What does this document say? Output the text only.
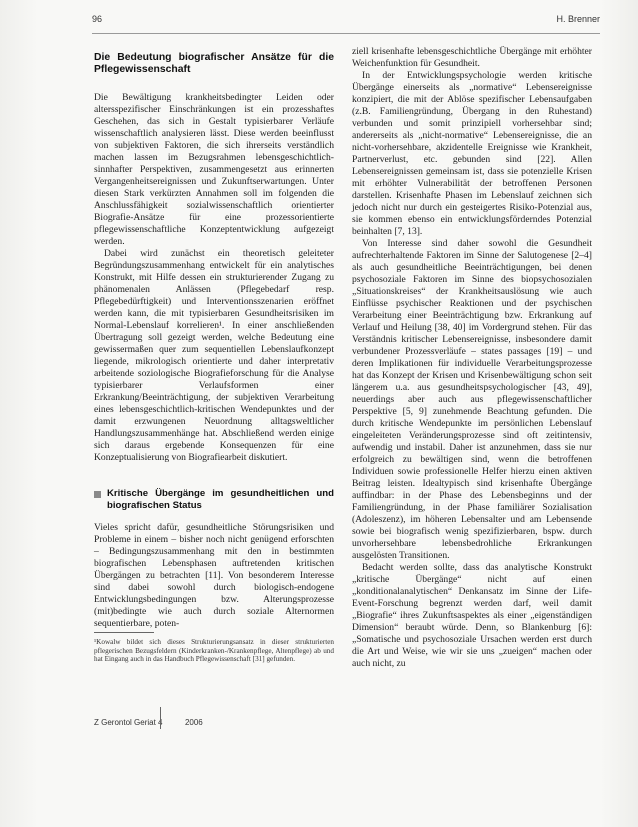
96	H. Brenner
Die Bedeutung biografischer Ansätze für die Pflegewissenschaft

Die Bewältigung krankheitsbedingter Leiden oder altersspezifischer Einschränkungen ist ein prozesshaftes Geschehen, das sich in Gestalt typisierbarer Verläufe wissenschaftlich analysieren lässt. Diese werden beeinflusst von subjektiven Faktoren, die sich ihrerseits verständlich machen lassen im Bezugsrahmen lebensgeschichtlich-sinnhafter Perspektiven, zusammengesetzt aus erinnerten Vergangenheitsereignissen und Zukunftserwartungen. Unter diesen Stark verkürzten Annahmen soll im folgenden die Anschlussfähigkeit sozialwissenschaftlich orientierter Biografie-Ansätze für eine prozessorientierte pflegewissenschaftliche Konzeptentwicklung aufgezeigt werden.

Dabei wird zunächst ein theoretisch geleiteter Begründungszusammenhang entwickelt für ein analytisches Konstrukt, mit Hilfe dessen ein strukturierender Zugang zu phänomenalen Anlässen (Pflegebedarf resp. Pflegebedürftigkeit) und Interventionsszenarien eröffnet werden kann, die mit typisierbaren Gesundheitsrisiken im Normal-Lebenslauf korrelieren¹. In einer anschließenden Übertragung soll gezeigt werden, welche Bedeutung eine gewissermaßen quer zum sequentiellen Lebenslaufkonzept liegende, mikrologisch orientierte und daher interpretativ arbeitende soziologische Biografieforschung für die Analyse typisierbarer Verlaufsformen einer Erkrankung/Beeinträchtigung, der subjektiven Verarbeitung eines lebensgeschichtlich-kritischen Wendepunktes und der damit erzwungenen Neuordnung alltagsweltlicher Handlungszusammenhänge hat. Abschließend werden einige sich daraus ergebende Konsequenzen für eine Konzeptualisierung von Biografiearbeit diskutiert.

Kritische Übergänge im gesundheitlichen und biografischen Status

Vieles spricht dafür, gesundheitliche Störungsrisiken und Probleme in einem – bisher noch nicht genügend erforschten – Bedingungszusammenhang mit den in bestimmten biografischen Lebensphasen auftretenden kritischen Übergängen zu betrachten [11]. Von besonderem Interesse sind dabei sowohl durch biologisch-endogene Entwicklungsbedingungen bzw. Alterungsprozesse (mit)bedingte wie auch durch soziale Alternormen sequentierbare, poten-

¹Kowalw bildet sich dieses Strukturierungsansatz in dieser strukturierten pflegerischen Bezugsfeldern (Kinderkranken-/Krankenpflege, Altenpflege) ab und hat Eingang auch in das Handbuch Pflegewissenschaft [31] gefunden.

ziell krisenhafte lebensgeschichtliche Übergänge mit erhöhter Weichenfunktion für Gesundheit.

In der Entwicklungspsychologie werden kritische Übergänge einerseits als „normative“ Lebensereignisse konzipiert, die mit der Ablöse spezifischer Lebensaufgaben (z.B. Familiengründung, Übergang in den Ruhestand) verbunden und somit prinzipiell vorhersehbar sind; andererseits als „nicht-normative“ Lebensereignisse, die an nicht-vorhersehbare, akzidentelle Ereignisse wie Krankheit, Partnerverlust, etc. gebunden sind [22]. Allen Lebensereignissen gemeinsam ist, dass sie potenzielle Krisen mit erhöhter Vulnerabilität der betroffenen Personen darstellen. Krisenhafte Phasen im Lebenslauf zeichnen sich jedoch nicht nur durch ein gesteigertes Risiko-Potenzial aus, sie kommen ebenso ein entwicklungsförderndes Potenzial beinhalten [7, 13].

Von Interesse sind daher sowohl die Gesundheit aufrechterhaltende Faktoren im Sinne der Salutogenese [2–4] als auch gesundheitliche Beeinträchtigungen, bei denen psychosoziale Faktoren im Sinne des biopsychosozialen „Situationskreises“ der Krankheitsauslösung wie auch Einflüsse psychischer Reaktionen und der psychischen Verarbeitung einer Beeinträchtigung bzw. Erkrankung auf Verlauf und Heilung [38, 40] im Vordergrund stehen. Für das Verständnis kritischer Lebensereignisse, insbesondere damit verbundener Prozessverläufe – states passages [19] – und deren Implikationen für individuelle Verarbeitungsprozesse hat das Konzept der Krisen und Krisenbewältigung schon seit längerem u.a. aus gesundheitspsychologischer [43, 49], neuerdings aber auch aus pflegewissenschaftlicher Perspektive [5, 9] zunehmende Beachtung gefunden. Die durch kritische Wendepunkte im persönlichen Lebenslauf eingeleiteten Veränderungsprozesse sind oft zeitintensiv, aufwendig und instabil. Daher ist anzunehmen, dass sie nur erfolgreich zu bewältigen sind, wenn die betroffenen Individuen sowie professionelle Helfer hierzu einen aktiven Beitrag leisten. Idealtypisch sind krisenhafte Übergänge auffindbar: in der Phase des Lebensbeginns und der Familiengründung, in der Phase familiärer Sozialisation (Adoleszenz), im höheren Lebensalter und am Lebensende sowie bei biografisch wenig spezifizierbaren, bspw. durch unvorhersehbare lebensbedrohliche Erkrankungen ausgelösten Transitionen.

Bedacht werden sollte, dass das analytische Konstrukt „kritische Übergänge“ nicht auf einen „konditionalanalytischen“ Denkansatz im Sinne der Life-Event-Forschung begrenzt werden darf, weil damit „Biografie“ ihres Zukunftsaspektes als einer „eigenständigen Dimension“ beraubt würde. Denn, so Blankenburg [6]: „Somatische und psychosoziale Ursachen werden erst durch die Art und Weise, wie wir sie uns „zueigen“ machen oder auch nicht, zu

Z Gerontol Geriat 4	2006
